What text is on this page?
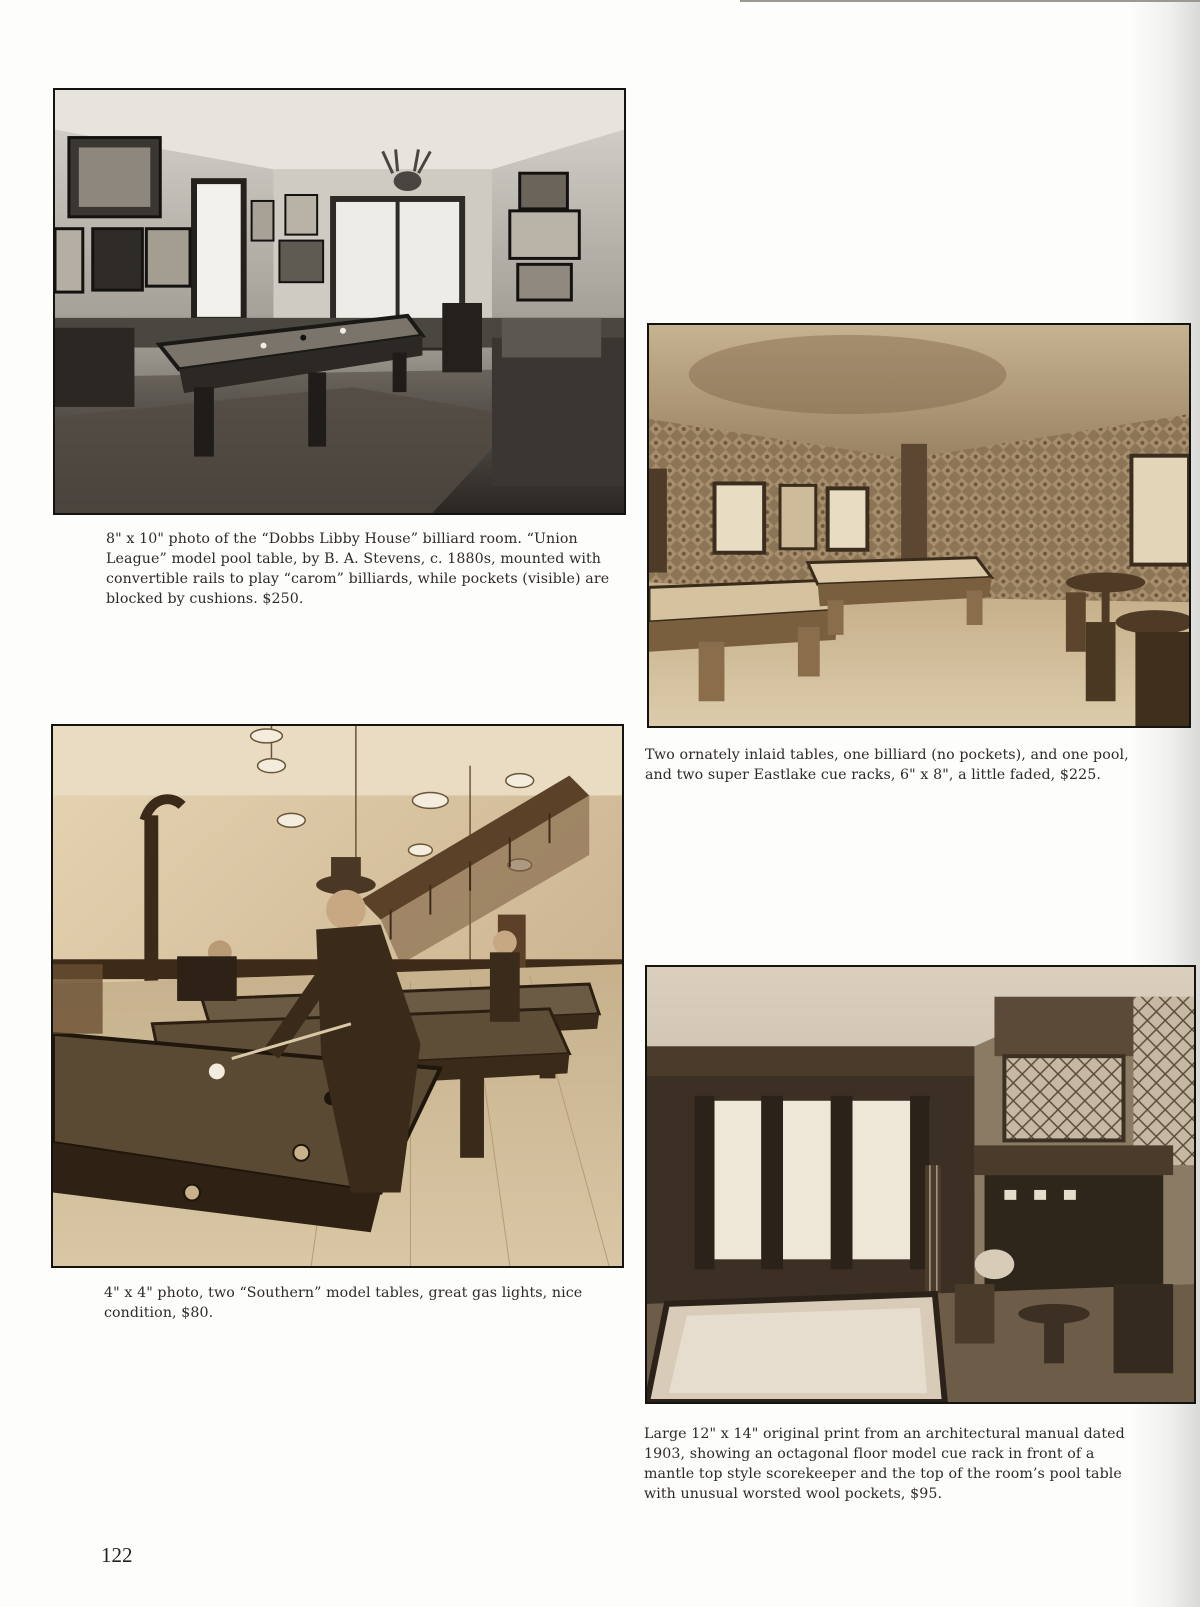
8" x 10" photo of the “Dobbs Libby House” billiard room. “Union League” model pool table, by B. A. Stevens, c. 1880s, mounted with convertible rails to play “carom” billiards, while pockets (visible) are blocked by cushions. $250.

Two ornately inlaid tables, one billiard (no pockets), and one pool, and two super Eastlake cue racks, 6" x 8", a little faded, $225.

4" x 4" photo, two “Southern” model tables, great gas lights, nice condition, $80.

Large 12" x 14" original print from an architectural manual dated 1903, showing an octagonal floor model cue rack in front of a mantle top style scorekeeper and the top of the room’s pool table with unusual worsted wool pockets, $95.

122
